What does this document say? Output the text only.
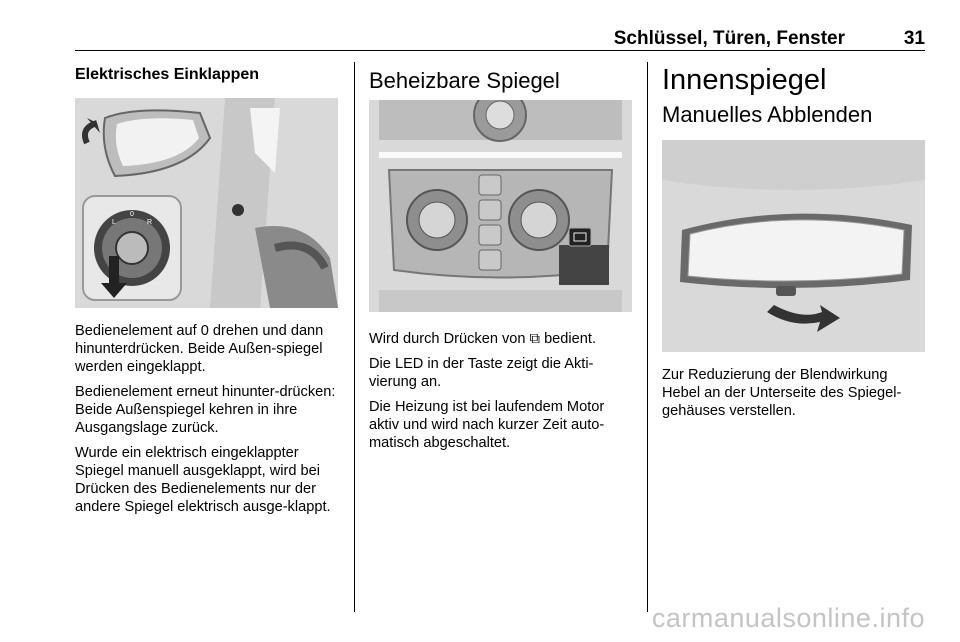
Schlüssel, Türen, Fenster	31
Elektrisches Einklappen
L
0
R

Bedienelement auf 0 drehen und dann hinunterdrücken. Beide Außen-spiegel werden eingeklappt.

Bedienelement erneut hinunter-drücken: Beide Außenspiegel kehren in ihre Ausgangslage zurück.

Wurde ein elektrisch eingeklappter Spiegel manuell ausgeklappt, wird bei Drücken des Bedienelements nur der andere Spiegel elektrisch ausge-klappt.

Beheizbare Spiegel

Wird durch Drücken von ⧉ bedient.

Die LED in der Taste zeigt die Akti-vierung an.

Die Heizung ist bei laufendem Motor aktiv und wird nach kurzer Zeit auto-matisch abgeschaltet.

Innenspiegel
Manuelles Abblenden

Zur Reduzierung der Blendwirkung Hebel an der Unterseite des Spiegel-gehäuses verstellen.

carmanualsonline.info
